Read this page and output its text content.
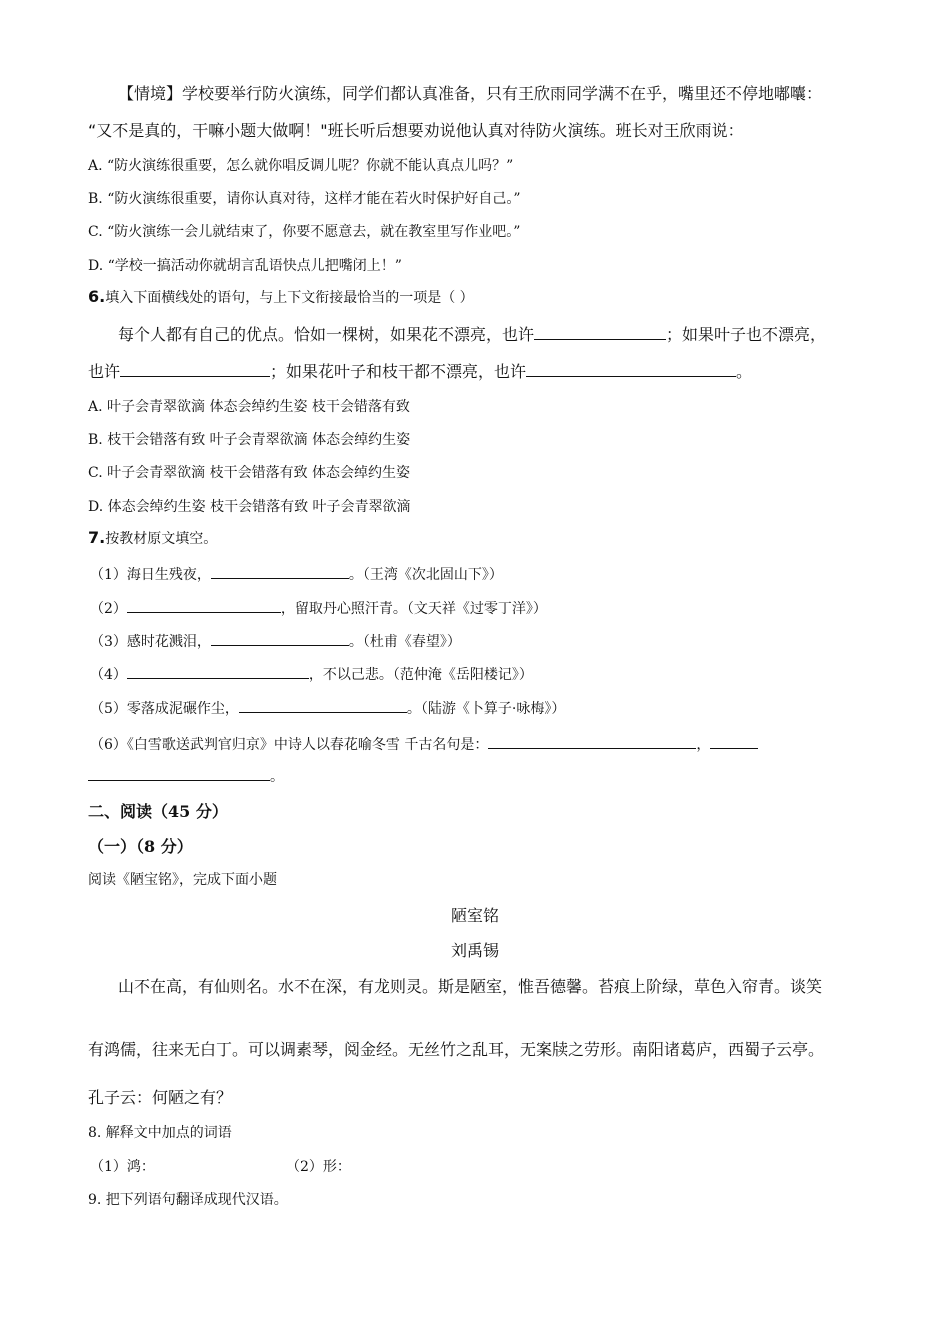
【情境】学校要举行防火演练，同学们都认真准备，只有王欣雨同学满不在乎，嘴里还不停地嘟囔：
“又不是真的，干嘛小题大做啊！"班长听后想要劝说他认真对待防火演练。班长对王欣雨说：
A. “防火演练很重要，怎么就你唱反调儿呢？你就不能认真点儿吗？”
B. “防火演练很重要，请你认真对待，这样才能在若火时保护好自己。”
C. “防火演练一会儿就结束了，你要不愿意去，就在教室里写作业吧。”
D. “学校一搞活动你就胡言乱语快点儿把嘴闭上！”
6.填入下面横线处的语句，与上下文衔接最恰当的一项是（ ）
每个人都有自己的优点。恰如一棵树，如果花不漂亮，也许	；如果叶子也不漂亮，
也许	；如果花叶子和枝干都不漂亮，也许	。
A. 叶子会青翠欲滴 体态会绰约生姿 枝干会错落有致
B. 枝干会错落有致 叶子会青翠欲滴 体态会绰约生姿
C. 叶子会青翠欲滴 枝干会错落有致 体态会绰约生姿
D. 体态会绰约生姿 枝干会错落有致 叶子会青翠欲滴
7.按教材原文填空。
（1）海日生残夜，	。（王湾《次北固山下》）
（2）	，留取丹心照汗青。（文天祥《过零丁洋》）
（3）感时花溅泪，	。（杜甫《春望》）
（4）	，不以己悲。（范仲淹《岳阳楼记》）
（5）零落成泥碾作尘，	。（陆游《卜算子·咏梅》）
（6）《白雪歌送武判官归京》中诗人以春花喻冬雪 千古名句是：	，
。
二、阅读（45 分）
（一）（8 分）
阅读《陋宝铭》，完成下面小题
陋室铭
刘禹锡
山不在高，有仙则名。水不在深，有龙则灵。斯是陋室，惟吾德馨。苔痕上阶绿，草色入帘青。谈笑
有鸿儒，往来无白丁。可以调素琴，阅金经。无丝竹之乱耳，无案牍之劳形。南阳诸葛庐，西蜀子云亭。
孔子云：何陋之有？
8. 解释文中加点的词语
（1）鸿：	（2）形：
9. 把下列语句翻译成现代汉语。
